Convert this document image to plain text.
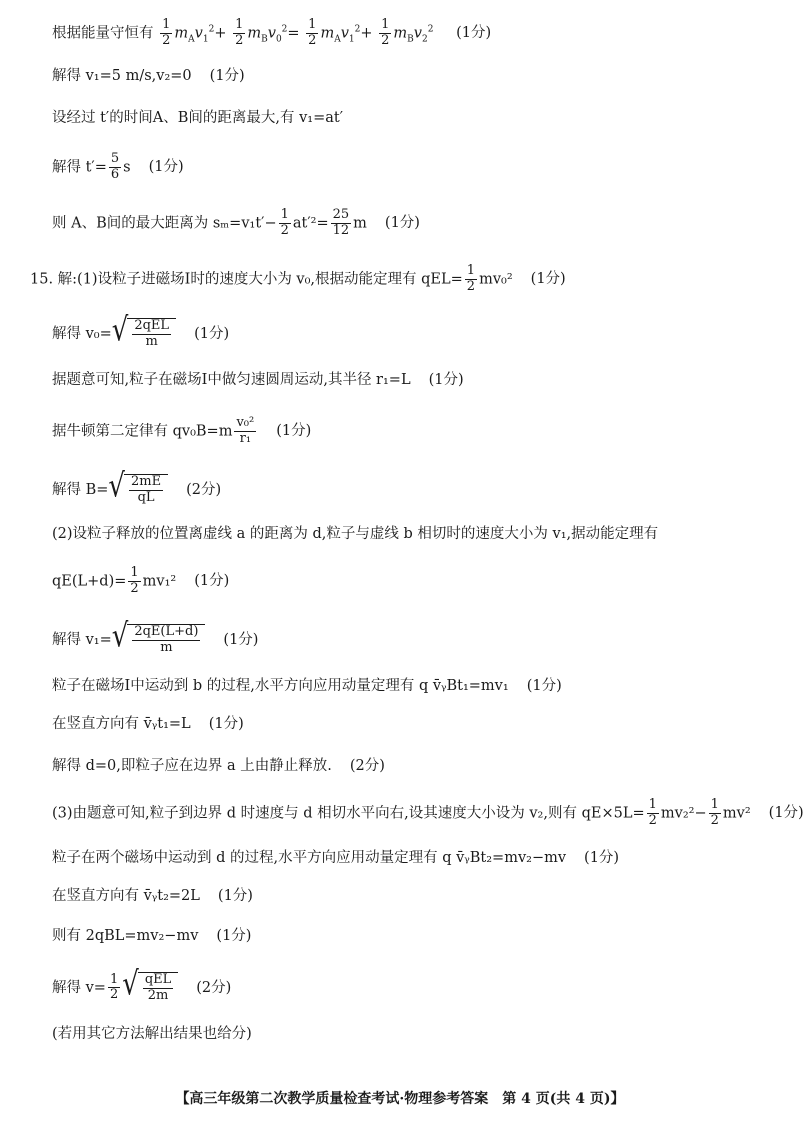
根据能量守恒有 $\frac{1}{2} m_Av_1^2+ \frac{1}{2} m_Bv_0^2= \frac{1}{2} m_Av_1^2+ \frac{1}{2} m_Bv_2^2$ (1分)
解得 v₁=5 m/s,v₂=0 (1分)
设经过 t′的时间A、B间的距离最大,有 v₁=at′
解得 $t'= \frac{5}{6}$ s (1分)
则 A、B间的最大距离为 $s_m=v_1t'- \frac{1}{2} at'^2= \frac{25}{12}$ m (1分)
15. 解:(1)设粒子进磁场Ⅰ时的速度大小为 v₀,根据动能定理有 $qEL= \frac{1}{2} mv_0^2$ (1分)
解得 v₀= √ $\frac{\text{2qEL}}{m} (1$分)
据题意可知,粒子在磁场Ⅰ中做匀速圆周运动,其半径 r₁=L (1分)
据牛顿第二定律有 $qv_0B=m \frac{\text{v₀²}}{\text{r₁}} (1$分)
解得 B= √ $\frac{2mE}{qL} (2$分)
(2)设粒子释放的位置离虚线 a 的距离为 d,粒子与虚线 b 相切时的速度大小为 v₁,据动能定理有
$qE(L+d)= \frac{1}{2} mv_1^2$ (1分)
解得 v₁= √ $\frac{2qE(L+d)}{m} (1$分)
粒子在磁场Ⅰ中运动到 b 的过程,水平方向应用动量定理有 q v̄ᵧBt₁=mv₁ (1分)
在竖直方向有 v̄ᵧt₁=L (1分)
解得 d=0,即粒子应在边界 a 上由静止释放. (2分)
(3)由题意可知,粒子到边界 d 时速度与 d 相切水平向右,设其速度大小设为 v₂,则有 $qE\times 5L= \frac{1}{2} mv_2^2- \frac{1}{2} mv^2$ (1分)
粒子在两个磁场中运动到 d 的过程,水平方向应用动量定理有 q v̄ᵧBt₂=mv₂−mv (1分)
在竖直方向有 v̄ᵧt₂=2L (1分)
则有 2qBL=mv₂−mv (1分)
解得 $v= \frac{1}{2}$ √ $\frac{\text{qEL}}{2m} (2$分)
(若用其它方法解出结果也给分)
【高三年级第二次教学质量检查考试·物理参考答案　第 4 页(共 4 页)】
